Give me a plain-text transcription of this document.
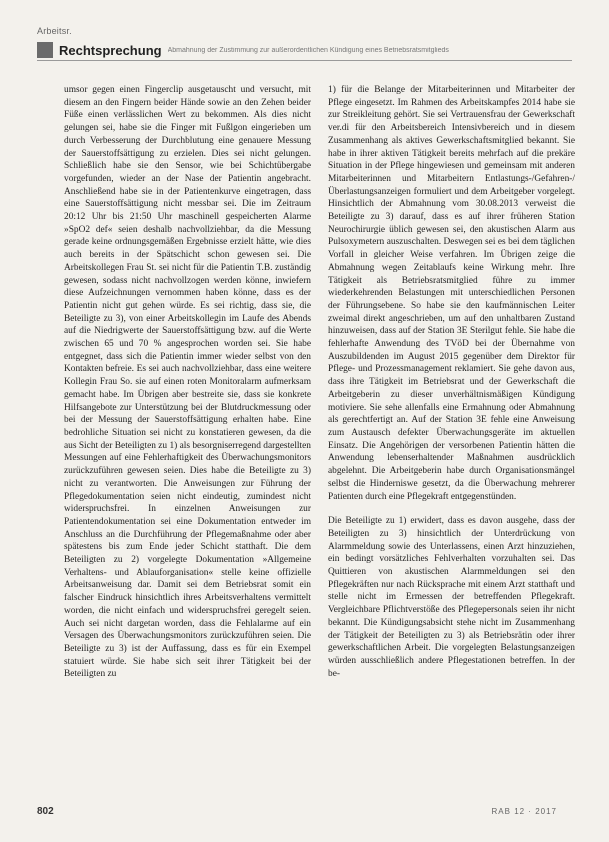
Arbeitsr.
Rechtsprechung Abmahnung der Zustimmung zur außerordentlichen Kündigung eines Betriebsratsmitglieds

umsor gegen einen Fingerclip ausgetauscht und versucht, mit diesem an den Fingern beider Hände sowie an den Zehen beider Füße einen verlässlichen Wert zu bekommen. Als dies nicht gelungen sei, habe sie die Finger mit Fußlgon eingerieben um durch Verbesserung der Durchblutung eine genauere Messung der Sauerstoffsättigung zu erzielen. Dies sei nicht gelungen. Schließlich habe sie den Sensor, wie bei Schichtübergabe vorgefunden, wieder an der Nase der Patientin angebracht. Anschließend habe sie in der Patientenkurve eingetragen, dass eine Sauerstoffsättigung nicht messbar sei. Die im Zeitraum 20:12 Uhr bis 21:50 Uhr maschinell gespeicherten Alarme »SpO2 def« seien deshalb nachvollziehbar, da die Messung gerade keine ordnungsgemäßen Ergebnisse erzielt hätte, wie dies auch bereits in der Spätschicht schon gewesen sei. Die Arbeitskollegen Frau St. sei nicht für die Patientin T.B. zuständig gewesen, sodass nicht nachvollzogen werden könne, inwiefern diese Aufzeichnungen vernommen haben könne, dass es der Patientin nicht gut gehen würde. Es sei richtig, dass sie, die Beteiligte zu 3), von einer Arbeitskollegin im Laufe des Abends auf die Niedrigwerte der Sauerstoffsättigung bzw. auf die Werte zwischen 65 und 70 % angesprochen worden sei. Sie habe entgegnet, dass sich die Patientin immer wieder selbst von den Kontakten befreie. Es sei auch nachvollziehbar, dass eine weitere Kollegin Frau So. sie auf einen roten Monitoralarm aufmerksam gemacht habe. Im Übrigen aber bestreite sie, dass sie konkrete Hilfsangebote zur Unterstützung bei der Blutdruckmessung oder bei der Messung der Sauerstoffsättigung erhalten habe. Eine bedrohliche Situation sei nicht zu konstatieren gewesen, da die aus Sicht der Beteiligten zu 1) als besorgniserregend dargestellten Messungen auf eine Fehlerhaftigkeit des Überwachungsmonitors zurückzuführen gewesen seien. Dies habe die Beteiligte zu 3) nicht zu verantworten. Die Anweisungen zur Führung der Pflegedokumentation seien nicht eindeutig, zumindest nicht widerspruchsfrei. In einzelnen Anweisungen zur Patientendokumentation sei eine Dokumentation entweder im Anschluss an die Durchführung der Pflegemaßnahme oder aber spätestens bis zum Ende jeder Schicht statthaft. Die dem Beteiligten zu 2) vorgelegte Dokumentation »Allgemeine Verhaltens- und Ablauforganisation« stelle keine offizielle Arbeitsanweisung dar. Damit sei dem Betriebsrat somit ein falscher Eindruck hinsichtlich ihres Arbeitsverhaltens vermittelt worden, die nicht einfach und widerspruchsfrei geregelt seien. Auch sei nicht dargetan worden, dass die Fehlalarme auf ein Versagen des Überwachungsmonitors zurückzuführen seien. Die Beteiligte zu 3) ist der Auffassung, dass es für ein Exempel statuiert würde. Sie habe sich seit ihrer Tätigkeit bei der Beteiligten zu

1) für die Belange der Mitarbeiterinnen und Mitarbeiter der Pflege eingesetzt. Im Rahmen des Arbeitskampfes 2014 habe sie zur Streikleitung gehört. Sie sei Vertrauensfrau der Gewerkschaft ver.di für den Arbeitsbereich Intensivbereich und in diesem Zusammenhang als aktives Gewerkschaftsmitglied bekannt. Sie habe in ihrer aktiven Tätigkeit bereits mehrfach auf die prekäre Situation in der Pflege hingewiesen und gemeinsam mit anderen Mitarbeiterinnen und Mitarbeitern Entlastungs-/Gefahren-/Überlastungsanzeigen formuliert und dem Arbeitgeber vorgelegt. Hinsichtlich der Abmahnung vom 30.08.2013 verweist die Beteiligte zu 3) darauf, dass es auf ihrer früheren Station Neurochirurgie üblich gewesen sei, den akustischen Alarm aus Pulsoxymetern auszuschalten. Deswegen sei es bei dem täglichen Vorfall in gleicher Weise verfahren. Im Übrigen zeige die Abmahnung wegen Zeitablaufs keine Wirkung mehr. Ihre Tätigkeit als Betriebsratsmitglied führe zu immer wiederkehrenden Belastungen mit unterschiedlichen Personen der Führungsebene. So habe sie den kaufmännischen Leiter zweimal direkt angeschrieben, um auf den unhaltbaren Zustand hinzuweisen, dass auf der Station 3E Sterilgut fehle. Sie habe die fehlerhafte Anwendung des TVöD bei der Übernahme von Auszubildenden im August 2015 gegenüber dem Direktor für Pflege- und Prozessmanagement reklamiert. Sie gehe davon aus, dass ihre Tätigkeit im Betriebsrat und der Gewerkschaft die Arbeitgeberin zu dieser unverhältnismäßigen Kündigung motiviere. Sie sehe allenfalls eine Ermahnung oder Abmahnung als gerechtfertigt an. Auf der Station 3E fehle eine Anweisung zum Austausch defekter Überwachungsgeräte im aktuellen Einsatz. Die Angehörigen der versorbenen Patientin hätten die Anwendung lebenserhaltender Maßnahmen ausdrücklich abgelehnt. Die Arbeitgeberin habe durch Organisationsmängel selbst die Hinderniswe gesetzt, da die Überwachung mehrerer Patienten durch eine Pflegekraft entgegenstünden.

Die Beteiligte zu 1) erwidert, dass es davon ausgehe, dass der Beteiligten zu 3) hinsichtlich der Unterdrückung von Alarmmeldung sowie des Unterlassens, einen Arzt hinzuziehen, ein bedingt vorsätzliches Fehlverhalten vorzuhalten sei. Das Quittieren von akustischen Alarmmeldungen sei den Pflegekräften nur nach Rücksprache mit einem Arzt statthaft und stelle nicht im Ermessen der betreffenden Pflegekraft. Vergleichbare Pflichtverstöße des Pflegepersonals seien ihr nicht bekannt. Die Kündigungsabsicht stehe nicht im Zusammenhang der Tätigkeit der Beteiligten zu 3) als Betriebsrätin oder ihrer gewerkschaftlichen Arbeit. Die vorgelegten Belastungsanzeigen würden ausschließlich andere Pflegestationen betreffen. In der be-

802	RAB 12 · 2017
